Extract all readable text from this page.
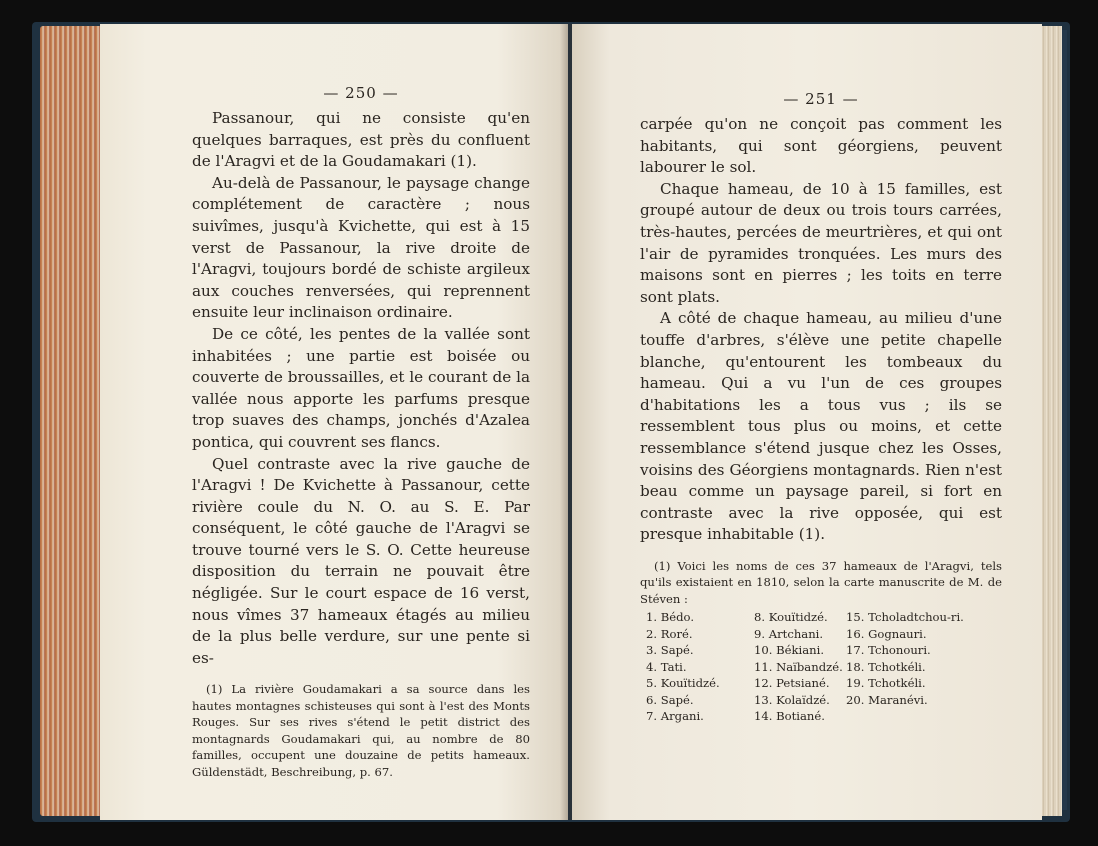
— 250 —

Passanour, qui ne consiste qu'en quelques barraques, est près du confluent de l'Aragvi et de la Goudamakari (1).

Au-delà de Passanour, le paysage change complétement de caractère ; nous suivîmes, jusqu'à Kvichette, qui est à 15 verst de Passanour, la rive droite de l'Aragvi, toujours bordé de schiste argileux aux couches renversées, qui reprennent ensuite leur inclinaison ordinaire.

De ce côté, les pentes de la vallée sont inhabitées ; une partie est boisée ou couverte de broussailles, et le courant de la vallée nous apporte les parfums presque trop suaves des champs, jonchés d'Azalea pontica, qui couvrent ses flancs.

Quel contraste avec la rive gauche de l'Aragvi ! De Kvichette à Passanour, cette rivière coule du N. O. au S. E. Par conséquent, le côté gauche de l'Aragvi se trouve tourné vers le S. O. Cette heureuse disposition du terrain ne pouvait être négligée. Sur le court espace de 16 verst, nous vîmes 37 hameaux étagés au milieu de la plus belle verdure, sur une pente si es-

(1) La rivière Goudamakari a sa source dans les hautes montagnes schisteuses qui sont à l'est des Monts Rouges. Sur ses rives s'étend le petit district des montagnards Goudamakari qui, au nombre de 80 familles, occupent une douzaine de petits hameaux. Güldenstädt, Beschreibung, p. 67.

— 251 —

carpée qu'on ne conçoit pas comment les habitants, qui sont géorgiens, peuvent labourer le sol.

Chaque hameau, de 10 à 15 familles, est groupé autour de deux ou trois tours carrées, très-hautes, percées de meurtrières, et qui ont l'air de pyramides tronquées. Les murs des maisons sont en pierres ; les toits en terre sont plats.

A côté de chaque hameau, au milieu d'une touffe d'arbres, s'élève une petite chapelle blanche, qu'entourent les tombeaux du hameau. Qui a vu l'un de ces groupes d'habitations les a tous vus ; ils se ressemblent tous plus ou moins, et cette ressemblance s'étend jusque chez les Osses, voisins des Géorgiens montagnards. Rien n'est beau comme un paysage pareil, si fort en contraste avec la rive opposée, qui est presque inhabitable (1).

(1) Voici les noms de ces 37 hameaux de l'Aragvi, tels qu'ils existaient en 1810, selon la carte manuscrite de M. de Stéven :

1. Bédo.	8. Kouïtidzé.	15. Tcholadtchou-ri.
2. Roré.	9. Artchani.	16. Gognauri.
3. Sapé.	10. Békiani.	17. Tchonouri.
4. Tati.	11. Naïbandzé. 18. Tchotkéli.
5. Kouïtidzé.	12. Petsiané.	19. Tchotkéli.
6. Sapé.	13. Kolaïdzé.	20. Maranévi.
7. Argani.	14. Botiané.
